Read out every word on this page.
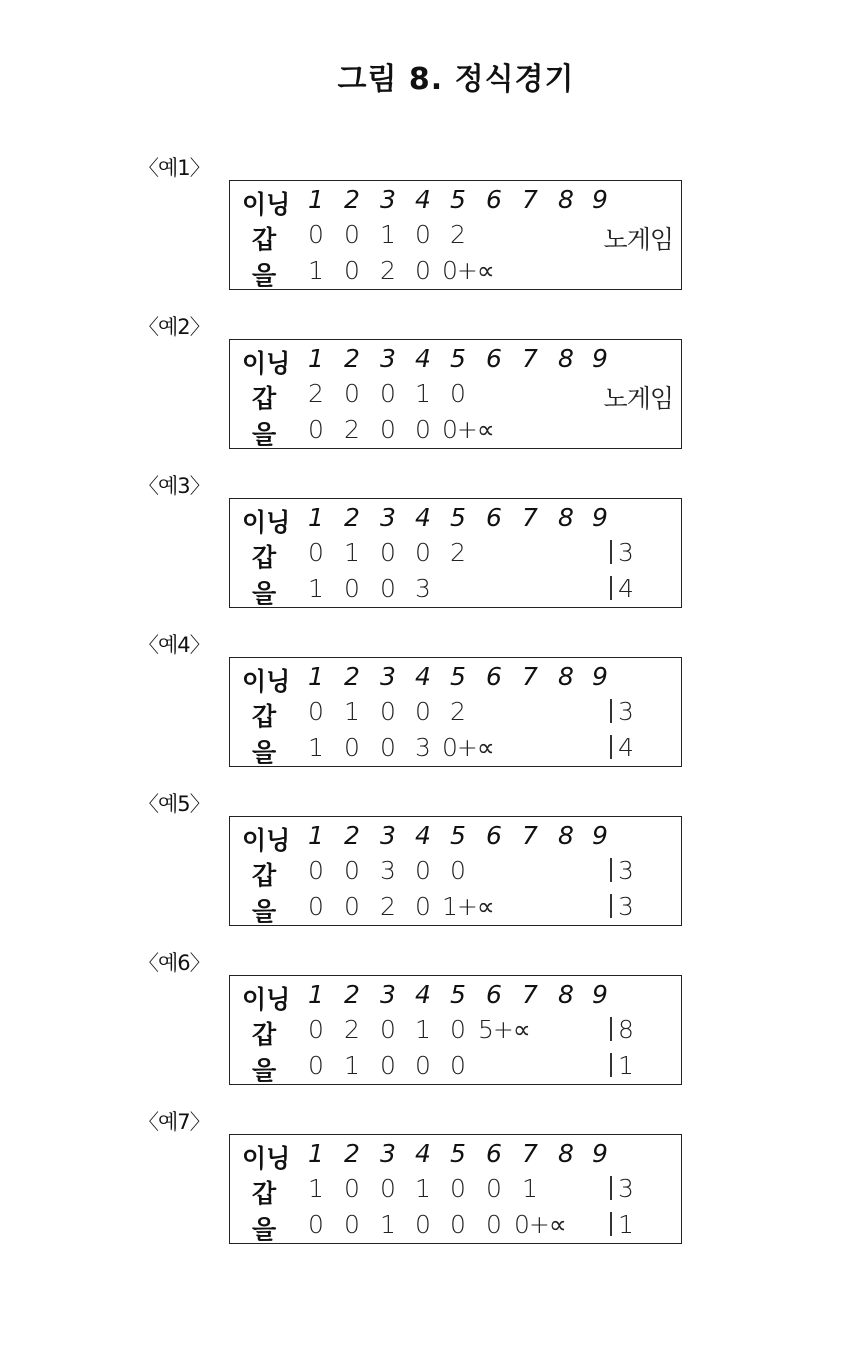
그림 8. 정식경기
〈예1〉
이닝 1 2 3 4 5 6 7 8 9
갑 0 0 1 0 2	노게임
을 1 0 2 0 0+∝
〈예2〉
이닝 1 2 3 4 5 6 7 8 9
갑 2 0 0 1 0	노게임
을 0 2 0 0 0+∝
〈예3〉
이닝 1 2 3 4 5 6 7 8 9
갑 0 1 0 0 2	3
을 1 0 0 3	4
〈예4〉
이닝 1 2 3 4 5 6 7 8 9
갑 0 1 0 0 2	3
을 1 0 0 3 0+∝	4
〈예5〉
이닝 1 2 3 4 5 6 7 8 9
갑 0 0 3 0 0	3
을 0 0 2 0 1+∝	3
〈예6〉
이닝 1 2 3 4 5 6 7 8 9
갑 0 2 0 1 0 5+∝	8
을 0 1 0 0 0	1
〈예7〉
이닝 1 2 3 4 5 6 7 8 9
갑 1 0 0 1 0 0 1	3
을 0 0 1 0 0 0 0+∝	1
